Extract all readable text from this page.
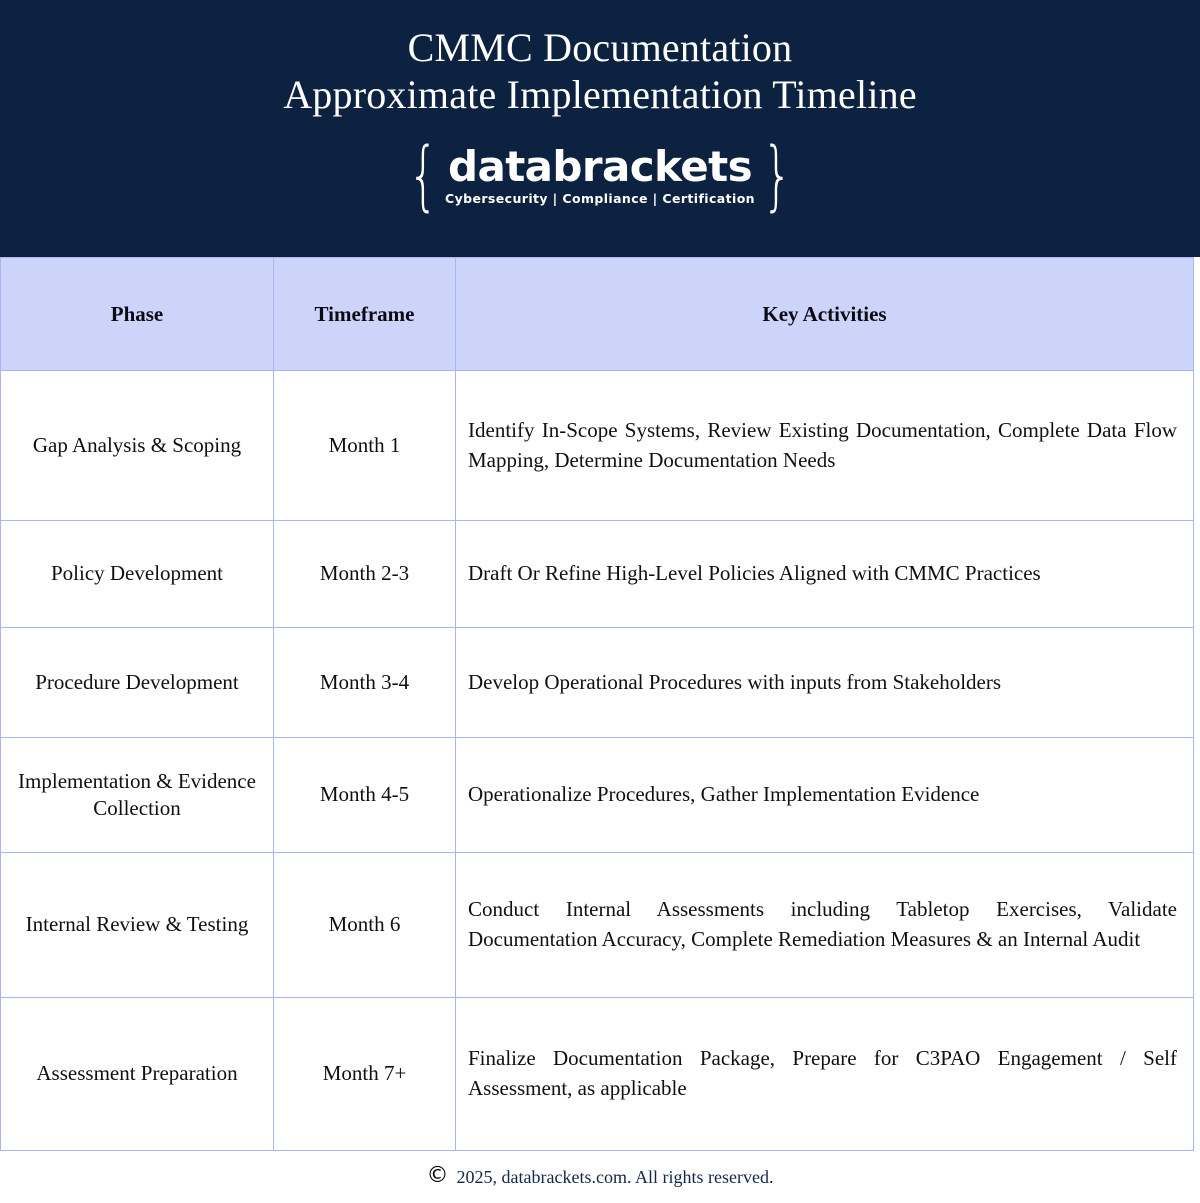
CMMC Documentation
Approximate Implementation Timeline
{ databrackets
Cybersecurity | Compliance | Certification }
Phase	Timeframe	Key Activities
Gap Analysis & Scoping	Month 1	Identify In-Scope Systems, Review Existing Documentation, Complete Data Flow Mapping, Determine Documentation Needs

Policy Development	Month 2-3	Draft Or Refine High-Level Policies Aligned with CMMC Practices

Procedure Development	Month 3-4	Develop Operational Procedures with inputs from Stakeholders

Implementation & Evidence Collection	Month 4-5	Operationalize Procedures, Gather Implementation Evidence

Internal Review & Testing	Month 6	Conduct Internal Assessments including Tabletop Exercises, Validate Documentation Accuracy, Complete Remediation Measures & an Internal Audit

Assessment Preparation	Month 7+	Finalize Documentation Package, Prepare for C3PAO Engagement / Self Assessment, as applicable
© 2025, databrackets.com. All rights reserved.
